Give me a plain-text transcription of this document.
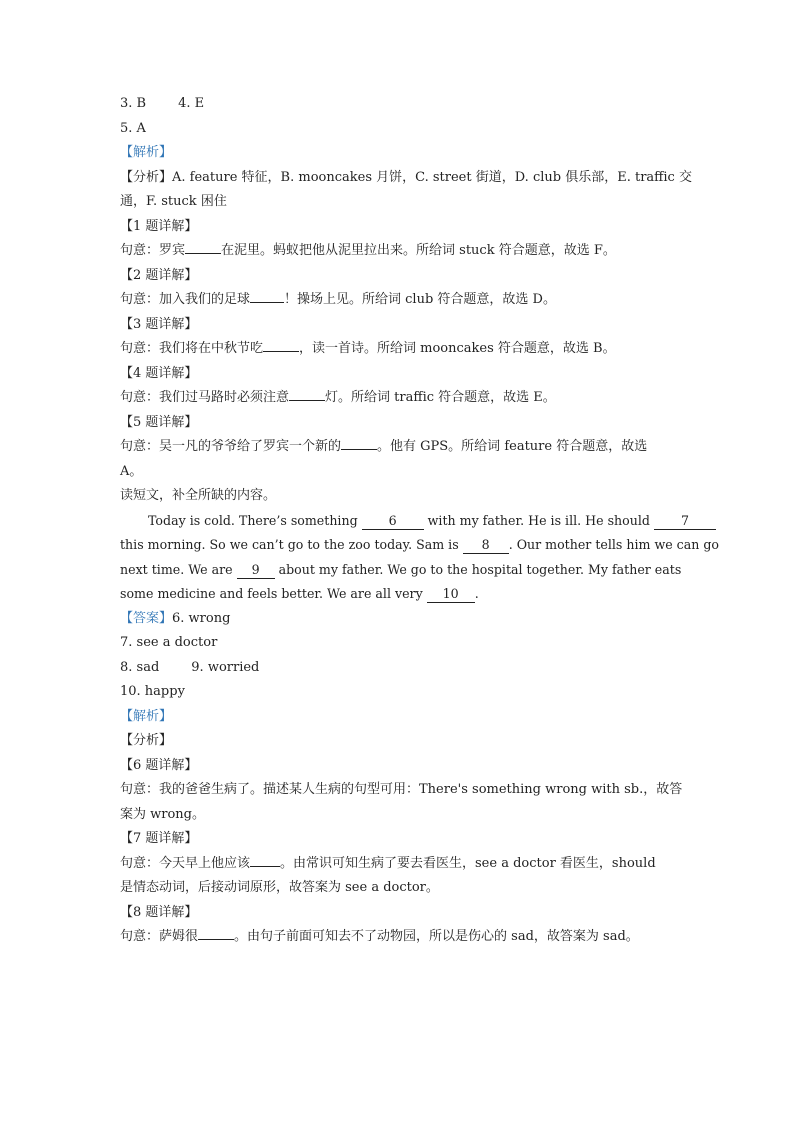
3. B 4. E
5. A
【解析】
【分析】A. feature 特征，B. mooncakes 月饼，C. street 街道，D. club 俱乐部，E. traffic 交
通，F. stuck 困住
【1 题详解】
句意：罗宾	在泥里。蚂蚁把他从泥里拉出来。所给词 stuck 符合题意，故选 F。
【2 题详解】
句意：加入我们的足球	！操场上见。所给词 club 符合题意，故选 D。
【3 题详解】
句意：我们将在中秋节吃	，读一首诗。所给词 mooncakes 符合题意，故选 B。
【4 题详解】
句意：我们过马路时必须注意	灯。所给词 traffic 符合题意，故选 E。
【5 题详解】
句意：吴一凡的爷爷给了罗宾一个新的	。他有 GPS。所给词 feature 符合题意，故选
A。
读短文，补全所缺的内容。
Today is cold. There’s something 6 with my father. He is ill. He should 7
this morning. So we can’t go to the zoo today. Sam is 8 . Our mother tells him we can go
next time. We are 9 about my father. We go to the hospital together. My father eats
some medicine and feels better. We are all very 10 .
【答案】6. wrong
7. see a doctor
8. sad 9. worried
10. happy
【解析】
【分析】
【6 题详解】
句意：我的爸爸生病了。描述某人生病的句型可用：There's something wrong with sb.，故答
案为 wrong。
【7 题详解】
句意：今天早上他应该 。由常识可知生病了要去看医生，see a doctor 看医生，should
是情态动词，后接动词原形，故答案为 see a doctor。
【8 题详解】
句意：萨姆很	。由句子前面可知去不了动物园，所以是伤心的 sad，故答案为 sad。
